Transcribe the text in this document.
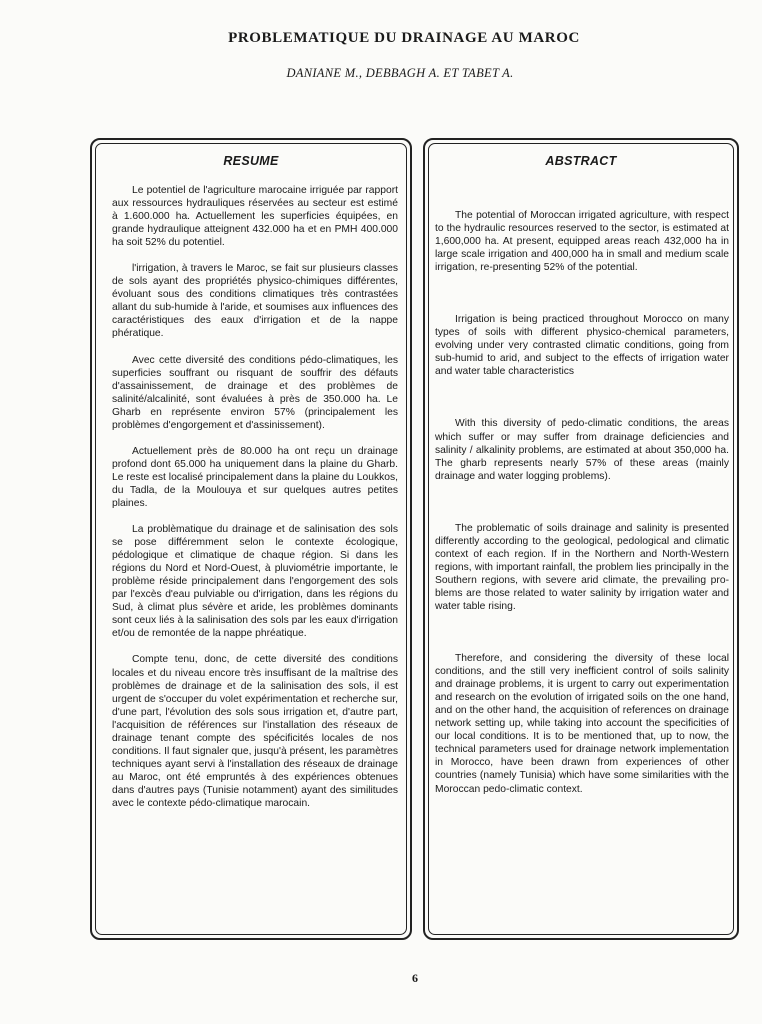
PROBLEMATIQUE DU DRAINAGE AU MAROC
DANIANE M., DEBBAGH A. ET TABET A.
RESUME

Le potentiel de l'agriculture marocaine irriguée par rapport aux ressources hydrauliques réservées au secteur est estimé à 1.600.000 ha. Actuellement les superficies équipées, en grande hydraulique atteignent 432.000 ha et en PMH 400.000 ha soit 52% du potentiel.

l'irrigation, à travers le Maroc, se fait sur plusieurs classes de sols ayant des propriétés physico-chimiques différentes, évoluant sous des conditions climatiques très contrastées allant du sub-humide à l'aride, et soumises aux influences des caractéristiques des eaux d'irrigation et de la nappe phératique.

Avec cette diversité des conditions pédo-climatiques, les superficies souffrant ou risquant de souffrir des défauts d'assainissement, de drainage et des problèmes de salinité/alcalinité, sont évaluées à près de 350.000 ha. Le Gharb en représente environ 57% (principalement les problèmes d'engorgement et d'assinissement).

Actuellement près de 80.000 ha ont reçu un drainage profond dont 65.000 ha uniquement dans la plaine du Gharb. Le reste est localisé principalement dans la plaine du Loukkos, du Tadla, de la Moulouya et sur quelques autres petites plaines.

La problèmatique du drainage et de salinisation des sols se pose différemment selon le contexte écologique, pédologique et climatique de chaque région. Si dans les régions du Nord et Nord-Ouest, à pluviométrie importante, le problème réside principalement dans l'engorgement des sols par l'excès d'eau pulviable ou d'irrigation, dans les régions du Sud, à climat plus sévère et aride, les problèmes dominants sont ceux liés à la salinisation des sols par les eaux d'irrigation et/ou de remontée de la nappe phréatique.

Compte tenu, donc, de cette diversité des conditions locales et du niveau encore très insuffisant de la maîtrise des problèmes de drainage et de la salinisation des sols, il est urgent de s'occuper du volet expérimentation et recherche sur, d'une part, l'évolution des sols sous irrigation et, d'autre part, l'acquisition de références sur l'installation des réseaux de drainage tenant compte des spécificités locales de nos conditions. Il faut signaler que, jusqu'à présent, les paramètres techniques ayant servi à l'installation des réseaux de drainage au Maroc, ont été empruntés à des expériences obtenues dans d'autres pays (Tunisie notamment) ayant des similitudes avec le contexte pédo-climatique marocain.

ABSTRACT

The potential of Moroccan irrigated agriculture, with respect to the hydraulic resources reserved to the sector, is estimated at 1,600,000 ha. At present, equipped areas reach 432,000 ha in large scale irrigation and 400,000 ha in small and medium scale irrigation, re-presenting 52% of the potential.

Irrigation is being practiced throughout Morocco on many types of soils with different physico-chemical parameters, evolving under very contrasted climatic conditions, going from sub-humid to arid, and subject to the effects of irrigation water and water table characteristics

With this diversity of pedo-climatic conditions, the areas which suffer or may suffer from drainage deficiencies and salinity / alkalinity problems, are estimated at about 350,000 ha. The gharb represents nearly 57% of these areas (mainly drainage and water logging problems).

The problematic of soils drainage and salinity is presented differently according to the geological, pedological and climatic context of each region. If in the Northern and North-Western regions, with important rainfall, the problem lies principally in the Southern regions, with severe arid climate, the prevailing problems are those related to water salinity by irrigation water and water table rising.

Therefore, and considering the diversity of these local conditions, and the still very inefficient control of soils salinity and drainage problems, it is urgent to carry out experimentation and research on the evolution of irrigated soils on the one hand, and on the other hand, the acquisition of references on drainage network setting up, while taking into account the specificities of our local conditions. It is to be mentioned that, up to now, the technical parameters used for drainage network implementation in Morocco, have been drawn from experiences of other countries (namely Tunisia) which have some similarities with the Moroccan pedo-climatic context.

6
